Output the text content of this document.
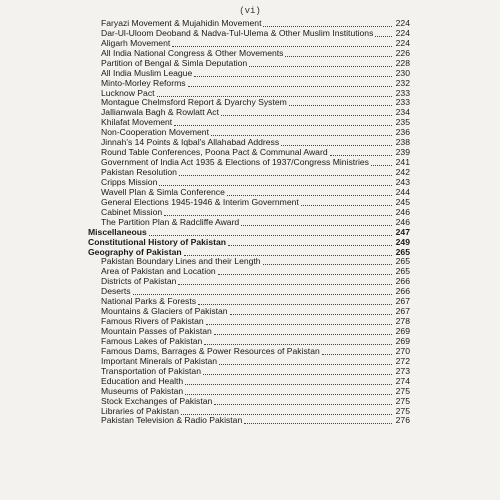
(vi)
Faryazi Movement & Mujahidin Movement	224
Dar-Ul-Uloom Deoband & Nadva-Tul-Ulema & Other Muslim Institutions	224
Aligarh Movement	224
All India National Congress & Other Movements	226
Partition of Bengal & Simla Deputation	228
All India Muslim League	230
Minto-Morley Reforms	232
Lucknow Pact	233
Montague Chelmsford Report & Dyarchy System	233
Jallianwala Bagh & Rowlatt Act	234
Khilafat Movement	235
Non-Cooperation Movement	236
Jinnah's 14 Points & Iqbal's Allahabad Address	238
Round Table Conferences, Poona Pact & Communal Award	239
Government of India Act 1935 & Elections of 1937/Congress Ministries	241
Pakistan Resolution	242
Cripps Mission	243
Wavell Plan & Simla Conference	244
General Elections 1945-1946 & Interim Government	245
Cabinet Mission	246
The Partition Plan & Radcliffe Award	246
Miscellaneous	247
Constitutional History of Pakistan	249
Geography of Pakistan	265
Pakistan Boundary Lines and their Length	265
Area of Pakistan and Location	265
Districts of Pakistan	266
Deserts	266
National Parks & Forests	267
Mountains & Glaciers of Pakistan	267
Famous Rivers of Pakistan	278
Mountain Passes of Pakistan	269
Famous Lakes of Pakistan	269
Famous Dams, Barrages & Power Resources of Pakistan	270
Important Minerals of Pakistan	272
Transportation of Pakistan	273
Education and Health	274
Museums of Pakistan	275
Stock Exchanges of Pakistan	275
Libraries of Pakistan	275
Pakistan Television & Radio Pakistan	276
